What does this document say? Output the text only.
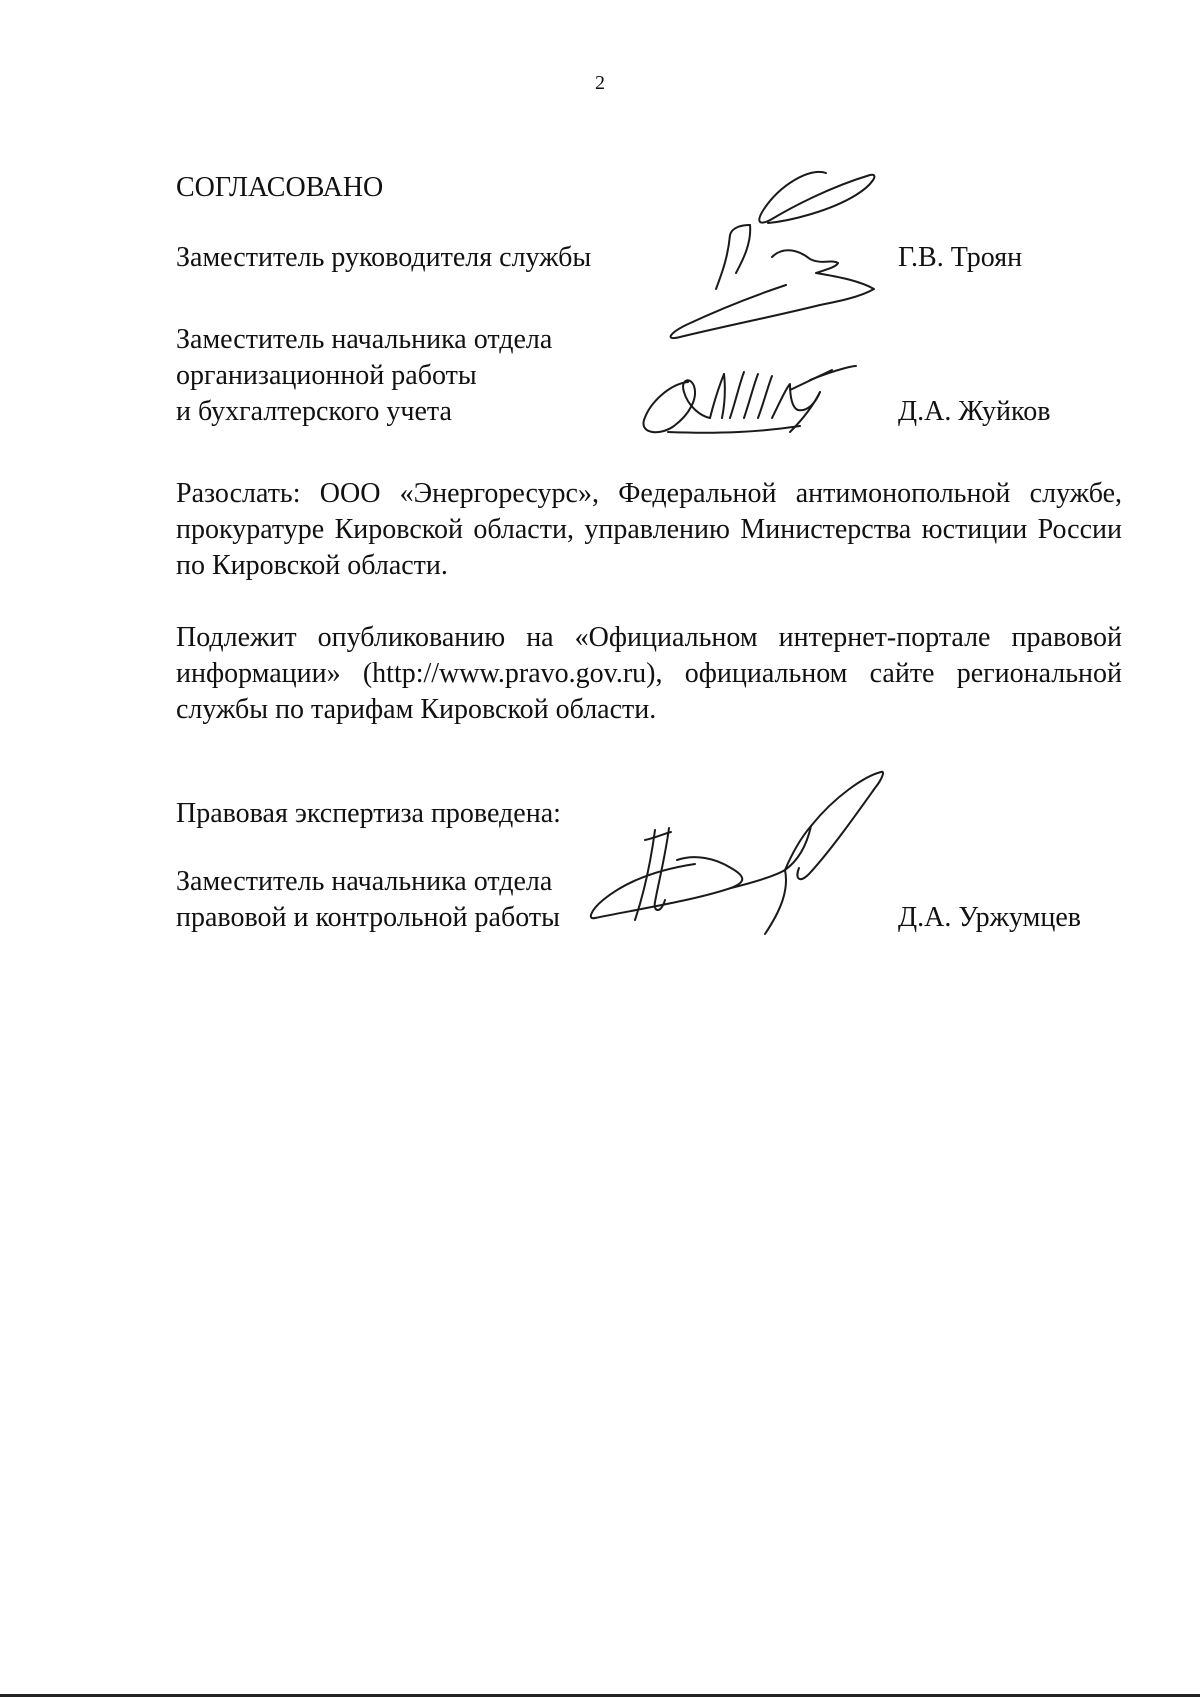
2
СОГЛАСОВАНО
Заместитель руководителя службы	Г.В. Троян
Заместитель начальника отдела
организационной работы
и бухгалтерского учета	Д.А. Жуйков
Разослать: ООО «Энергоресурс», Федеральной антимонопольной службе, прокуратуре Кировской области, управлению Министерства юстиции России по Кировской области.
Подлежит опубликованию на «Официальном интернет-портале правовой информации» (http://www.pravo.gov.ru), официальном сайте региональной службы по тарифам Кировской области.
Правовая экспертиза проведена:
Заместитель начальника отдела
правовой и контрольной работы	Д.А. Уржумцев
